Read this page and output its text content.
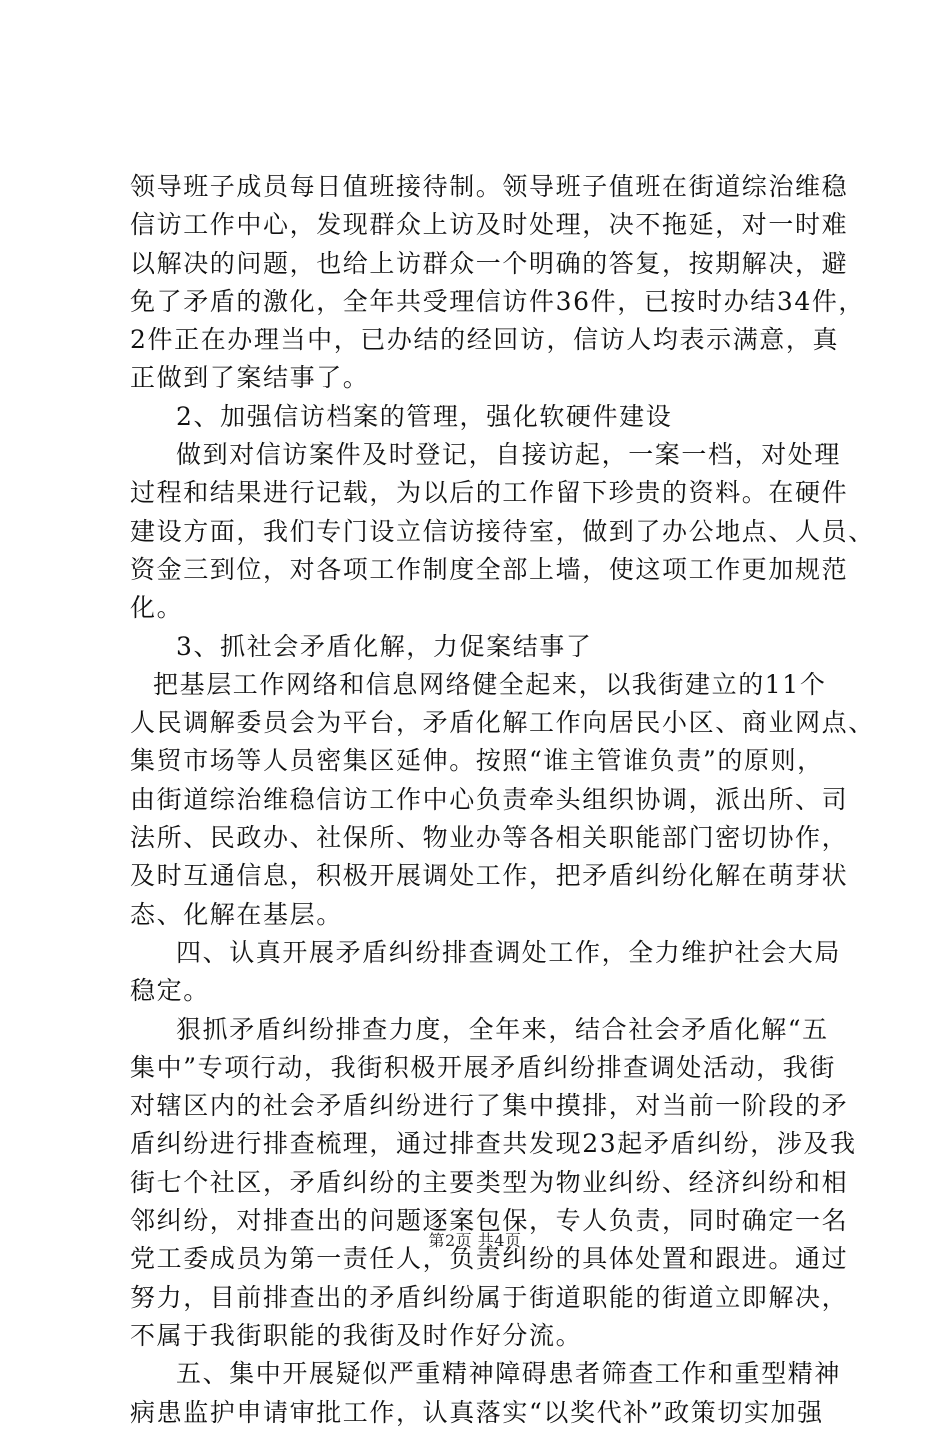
领导班子成员每日值班接待制。领导班子值班在街道综治维稳
信访工作中心，发现群众上访及时处理，决不拖延，对一时难
以解决的问题，也给上访群众一个明确的答复，按期解决，避
免了矛盾的激化，全年共受理信访件36件，已按时办结34件，
2件正在办理当中，已办结的经回访，信访人均表示满意，真
正做到了案结事了。
2、加强信访档案的管理，强化软硬件建设
做到对信访案件及时登记，自接访起，一案一档，对处理
过程和结果进行记载，为以后的工作留下珍贵的资料。在硬件
建设方面，我们专门设立信访接待室，做到了办公地点、人员、
资金三到位，对各项工作制度全部上墙，使这项工作更加规范
化。
3、抓社会矛盾化解，力促案结事了
把基层工作网络和信息网络健全起来，以我街建立的11个
人民调解委员会为平台，矛盾化解工作向居民小区、商业网点、
集贸市场等人员密集区延伸。按照“谁主管谁负责”的原则，
由街道综治维稳信访工作中心负责牵头组织协调，派出所、司
法所、民政办、社保所、物业办等各相关职能部门密切协作，
及时互通信息，积极开展调处工作，把矛盾纠纷化解在萌芽状
态、化解在基层。
四、认真开展矛盾纠纷排查调处工作，全力维护社会大局
稳定。
狠抓矛盾纠纷排查力度，全年来，结合社会矛盾化解“五
集中”专项行动，我街积极开展矛盾纠纷排查调处活动，我街
对辖区内的社会矛盾纠纷进行了集中摸排，对当前一阶段的矛
盾纠纷进行排查梳理，通过排查共发现23起矛盾纠纷，涉及我
街七个社区，矛盾纠纷的主要类型为物业纠纷、经济纠纷和相
邻纠纷，对排查出的问题逐案包保，专人负责，同时确定一名
党工委成员为第一责任人，负责纠纷的具体处置和跟进。通过
努力，目前排查出的矛盾纠纷属于街道职能的街道立即解决，
不属于我街职能的我街及时作好分流。
五、集中开展疑似严重精神障碍患者筛查工作和重型精神
病患监护申请审批工作，认真落实“以奖代补”政策切实加强
第2页 共4页
